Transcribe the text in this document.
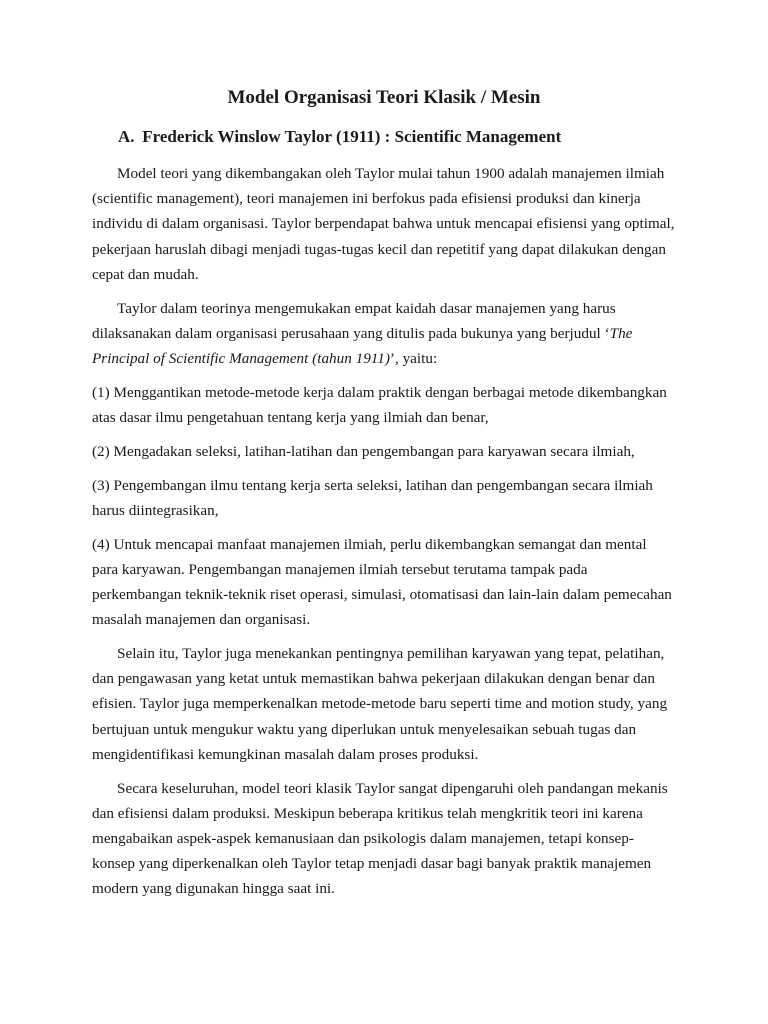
Model Organisasi Teori Klasik / Mesin
A. Frederick Winslow Taylor (1911) : Scientific Management

Model teori yang dikembangakan oleh Taylor mulai tahun 1900 adalah manajemen ilmiah (scientific management), teori manajemen ini berfokus pada efisiensi produksi dan kinerja individu di dalam organisasi. Taylor berpendapat bahwa untuk mencapai efisiensi yang optimal, pekerjaan haruslah dibagi menjadi tugas-tugas kecil dan repetitif yang dapat dilakukan dengan cepat dan mudah.

Taylor dalam teorinya mengemukakan empat kaidah dasar manajemen yang harus dilaksanakan dalam organisasi perusahaan yang ditulis pada bukunya yang berjudul ‘The Principal of Scientific Management (tahun 1911)’, yaitu:

(1) Menggantikan metode-metode kerja dalam praktik dengan berbagai metode dikembangkan atas dasar ilmu pengetahuan tentang kerja yang ilmiah dan benar,

(2) Mengadakan seleksi, latihan-latihan dan pengembangan para karyawan secara ilmiah,

(3) Pengembangan ilmu tentang kerja serta seleksi, latihan dan pengembangan secara ilmiah harus diintegrasikan,

(4) Untuk mencapai manfaat manajemen ilmiah, perlu dikembangkan semangat dan mental para karyawan. Pengembangan manajemen ilmiah tersebut terutama tampak pada perkembangan teknik-teknik riset operasi, simulasi, otomatisasi dan lain-lain dalam pemecahan masalah manajemen dan organisasi.

Selain itu, Taylor juga menekankan pentingnya pemilihan karyawan yang tepat, pelatihan, dan pengawasan yang ketat untuk memastikan bahwa pekerjaan dilakukan dengan benar dan efisien. Taylor juga memperkenalkan metode-metode baru seperti time and motion study, yang bertujuan untuk mengukur waktu yang diperlukan untuk menyelesaikan sebuah tugas dan mengidentifikasi kemungkinan masalah dalam proses produksi.

Secara keseluruhan, model teori klasik Taylor sangat dipengaruhi oleh pandangan mekanis dan efisiensi dalam produksi. Meskipun beberapa kritikus telah mengkritik teori ini karena mengabaikan aspek-aspek kemanusiaan dan psikologis dalam manajemen, tetapi konsep-konsep yang diperkenalkan oleh Taylor tetap menjadi dasar bagi banyak praktik manajemen modern yang digunakan hingga saat ini.
